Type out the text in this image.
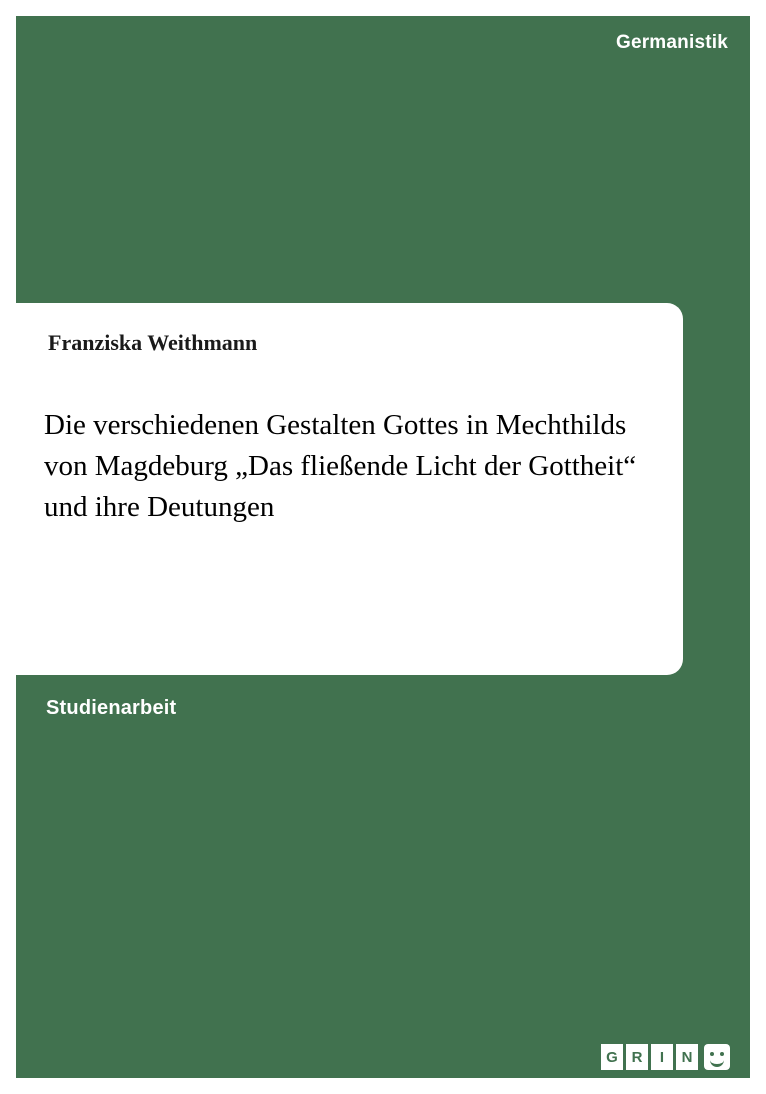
Germanistik
Franziska Weithmann
Die verschiedenen Gestalten Gottes in Mechthilds von Magdeburg „Das fließende Licht der Gottheit“ und ihre Deutungen
Studienarbeit
G R	I	N
